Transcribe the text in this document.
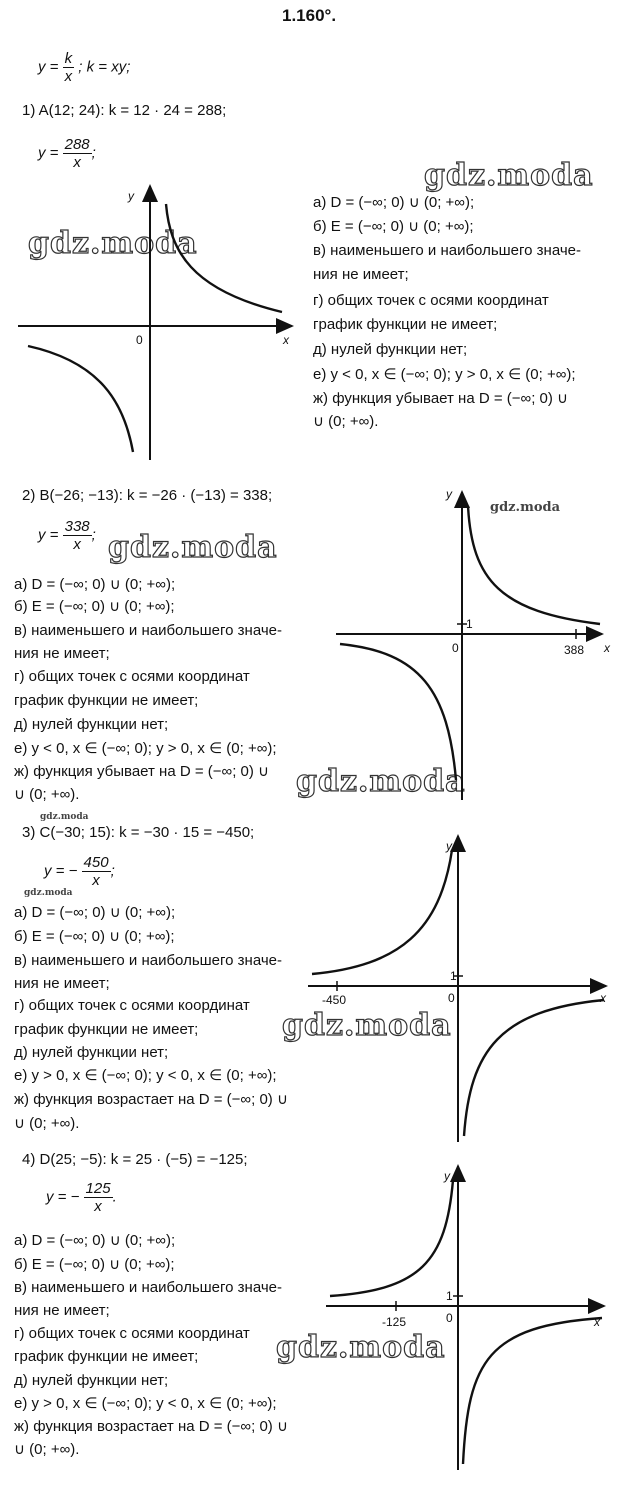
1.160°.
$y = \frac{k}{x}$ ; k = xy;
1) A(12; 24): k = 12 · 24 = 288;
$y = \frac{288}{x}$ ;
gdz.moda
gdz.moda
а) D = (−∞; 0) ∪ (0; +∞);
б) E = (−∞; 0) ∪ (0; +∞);
в) наименьшего и наибольшего значе-
ния не имеет;
г) общих точек с осями координат
график функции не имеет;
д) нулей функции нет;
е) y < 0, x ∈ (−∞; 0); y > 0, x ∈ (0; +∞);
ж) функция убывает на D = (−∞; 0) ∪
∪ (0; +∞).
y
x
0
2) B(−26; −13): k = −26 · (−13) = 338;
$y = \frac{338}{x}$ ; gdz.moda
gdz.moda
а) D = (−∞; 0) ∪ (0; +∞);
б) E = (−∞; 0) ∪ (0; +∞);
в) наименьшего и наибольшего значе-
ния не имеет;
г) общих точек с осями координат
график функции не имеет;
д) нулей функции нет;
е) y < 0, x ∈ (−∞; 0); y > 0, x ∈ (0; +∞);
ж) функция убывает на D = (−∞; 0) ∪
∪ (0; +∞).	gdz.moda
y
x
0	388
1
gdz.moda
3) C(−30; 15): k = −30 · 15 = −450;
y = − $\frac{450}{x}$ ;
gdz.moda
а) D = (−∞; 0) ∪ (0; +∞);
б) E = (−∞; 0) ∪ (0; +∞);
в) наименьшего и наибольшего значе-
ния не имеет;
г) общих точек с осями координат
график функции не имеет;
д) нулей функции нет;
е) y > 0, x ∈ (−∞; 0); y < 0, x ∈ (0; +∞);
ж) функция возрастает на D = (−∞; 0) ∪
∪ (0; +∞).
gdz.moda
y
x
0
-450
1
4) D(25; −5): k = 25 · (−5) = −125;
y = − $\frac{125}{x}$ .
а) D = (−∞; 0) ∪ (0; +∞);
б) E = (−∞; 0) ∪ (0; +∞);
в) наименьшего и наибольшего значе-
ния не имеет;
г) общих точек с осями координат
график функции не имеет;
д) нулей функции нет;
е) y > 0, x ∈ (−∞; 0); y < 0, x ∈ (0; +∞);
ж) функция возрастает на D = (−∞; 0) ∪
∪ (0; +∞).
gdz.moda
y
x
0
-125
1
